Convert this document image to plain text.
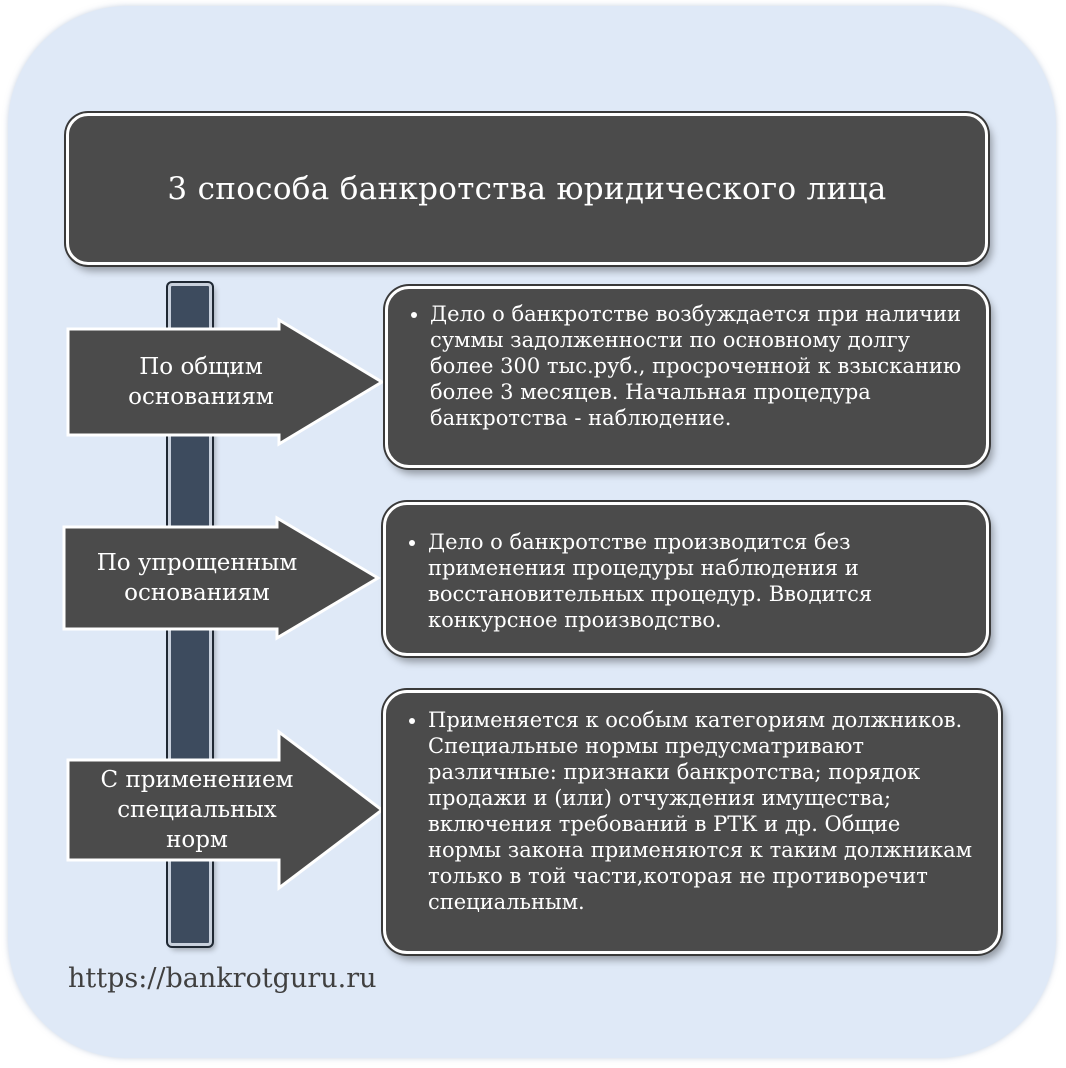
3 способа банкротства юридического лица
По общим основаниям
По упрощенным основаниям
С применением специальных норм
• Дело о банкротстве возбуждается при наличии суммы задолженности по основному долгу более 300 тыс.руб., просроченной к взысканию более 3 месяцев. Начальная процедура банкротства - наблюдение.
• Дело о банкротстве производится без применения процедуры наблюдения и восстановительных процедур. Вводится конкурсное производство.
• Применяется к особым категориям должников. Специальные нормы предусматривают различные: признаки банкротства; порядок продажи и (или) отчуждения имущества; включения требований в РТК и др. Общие нормы закона применяются к таким должникам только в той части,которая не противоречит специальным.
https://bankrotguru.ru
